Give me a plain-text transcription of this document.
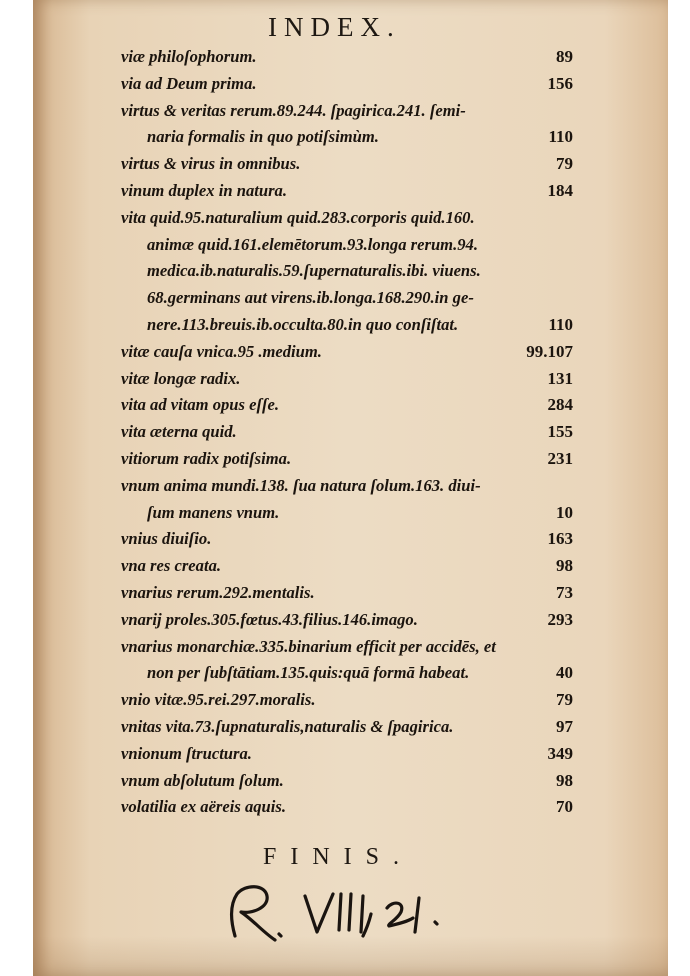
INDEX.
viæ philoſophorum.	89
via ad Deum prima.	156
virtus & veritas rerum.89.244. ſpagirica.241. ſemi-
naria formalis in quo potiſsimùm.	110
virtus & virus in omnibus.	79
vinum duplex in natura.	184
vita quid.95.naturalium quid.283.corporis quid.160.
animæ quid.161.elemētorum.93.longa rerum.94.
medica.ib.naturalis.59.ſupernaturalis.ibi. viuens.
68.germinans aut virens.ib.longa.168.290.in ge-
nere.113.breuis.ib.occulta.80.in quo conſiſtat.	110
vitæ cauſa vnica.95 .medium.	99.107
vitæ longæ radix.	131
vita ad vitam opus eſſe.	284
vita æterna quid.	155
vitiorum radix potiſsima.	231
vnum anima mundi.138. ſua natura ſolum.163. diui-
ſum manens vnum.	10
vnius diuiſio.	163
vna res creata.	98
vnarius rerum.292.mentalis.	73
vnarij proles.305.fœtus.43.filius.146.imago.	293
vnarius monarchiæ.335.binarium efficit per accidēs, et
non per ſubſtātiam.135.quis:quā formā habeat.	40
vnio vitæ.95.rei.297.moralis.	79
vnitas vita.73.ſupnaturalis,naturalis & ſpagirica.	97
vnionum ſtructura.	349
vnum abſolutum ſolum.	98
volatilia ex aëreis aquis.	70
FINIS.
